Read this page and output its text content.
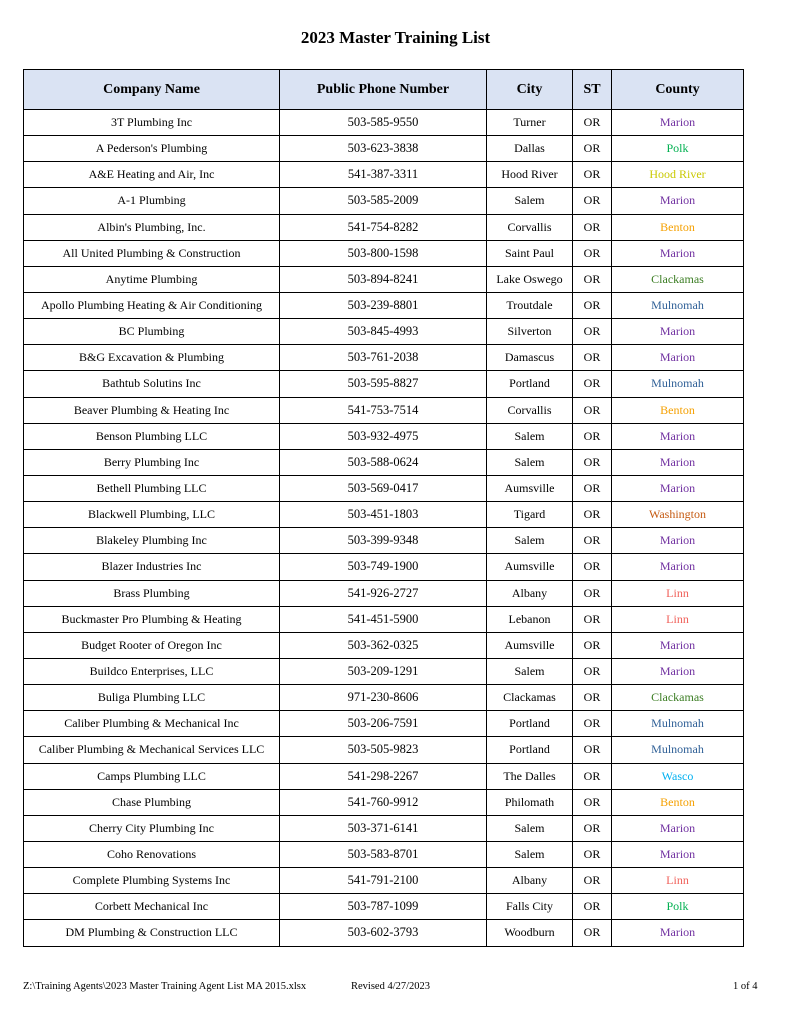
2023 Master Training List
Company Name	Public Phone Number	City	ST	County
3T Plumbing Inc	503-585-9550	Turner	OR	Marion
A Pederson's Plumbing	503-623-3838	Dallas	OR	Polk
A&E Heating and Air, Inc	541-387-3311	Hood River	OR	Hood River
A-1 Plumbing	503-585-2009	Salem	OR	Marion
Albin's Plumbing, Inc.	541-754-8282	Corvallis	OR	Benton
All United Plumbing & Construction	503-800-1598	Saint Paul	OR	Marion
Anytime Plumbing	503-894-8241	Lake Oswego	OR	Clackamas
Apollo Plumbing Heating & Air Conditioning	503-239-8801	Troutdale	OR	Mulnomah
BC Plumbing	503-845-4993	Silverton	OR	Marion
B&G Excavation & Plumbing	503-761-2038	Damascus	OR	Marion
Bathtub Solutins Inc	503-595-8827	Portland	OR	Mulnomah
Beaver Plumbing & Heating Inc	541-753-7514	Corvallis	OR	Benton
Benson Plumbing LLC	503-932-4975	Salem	OR	Marion
Berry Plumbing Inc	503-588-0624	Salem	OR	Marion
Bethell Plumbing LLC	503-569-0417	Aumsville	OR	Marion
Blackwell Plumbing, LLC	503-451-1803	Tigard	OR	Washington
Blakeley Plumbing Inc	503-399-9348	Salem	OR	Marion
Blazer Industries Inc	503-749-1900	Aumsville	OR	Marion
Brass Plumbing	541-926-2727	Albany	OR	Linn
Buckmaster Pro Plumbing & Heating	541-451-5900	Lebanon	OR	Linn
Budget Rooter of Oregon Inc	503-362-0325	Aumsville	OR	Marion
Buildco Enterprises, LLC	503-209-1291	Salem	OR	Marion
Buliga Plumbing LLC	971-230-8606	Clackamas	OR	Clackamas
Caliber Plumbing & Mechanical Inc	503-206-7591	Portland	OR	Mulnomah
Caliber Plumbing & Mechanical Services LLC	503-505-9823	Portland	OR	Mulnomah
Camps Plumbing LLC	541-298-2267	The Dalles	OR	Wasco
Chase Plumbing	541-760-9912	Philomath	OR	Benton
Cherry City Plumbing Inc	503-371-6141	Salem	OR	Marion
Coho Renovations	503-583-8701	Salem	OR	Marion
Complete Plumbing Systems Inc	541-791-2100	Albany	OR	Linn
Corbett Mechanical Inc	503-787-1099	Falls City	OR	Polk
DM Plumbing & Construction LLC	503-602-3793	Woodburn	OR	Marion
Z:\Training Agents\2023 Master Training Agent List MA 2015.xlsx	Revised 4/27/2023	1 of 4
